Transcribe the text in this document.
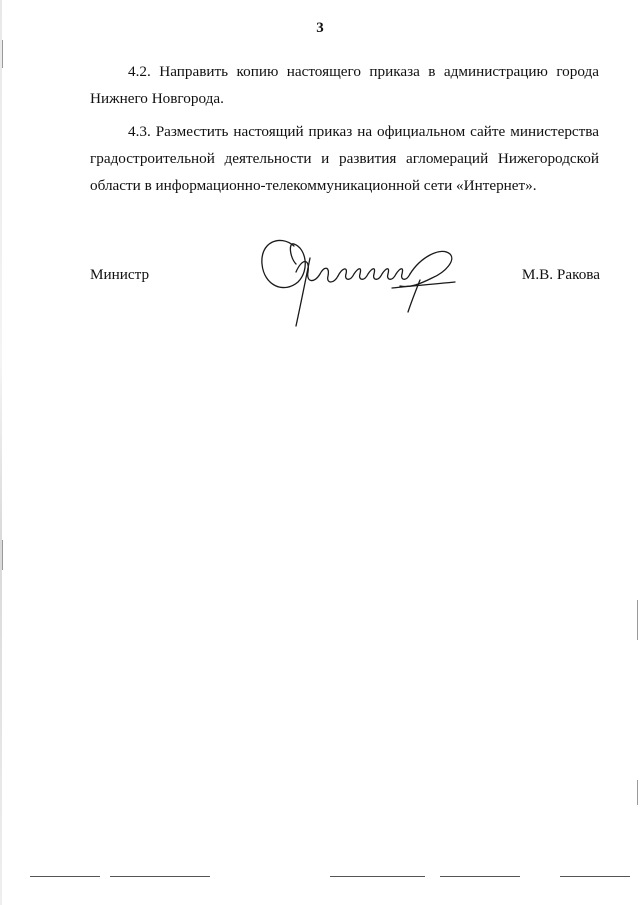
3

4.2. Направить копию настоящего приказа в администрацию города Нижнего Новгорода.

4.3. Разместить настоящий приказ на официальном сайте министерства градостроительной деятельности и развития агломераций Нижегородской области в информационно-телекоммуникационной сети «Интернет».

Министр	М.В. Ракова
